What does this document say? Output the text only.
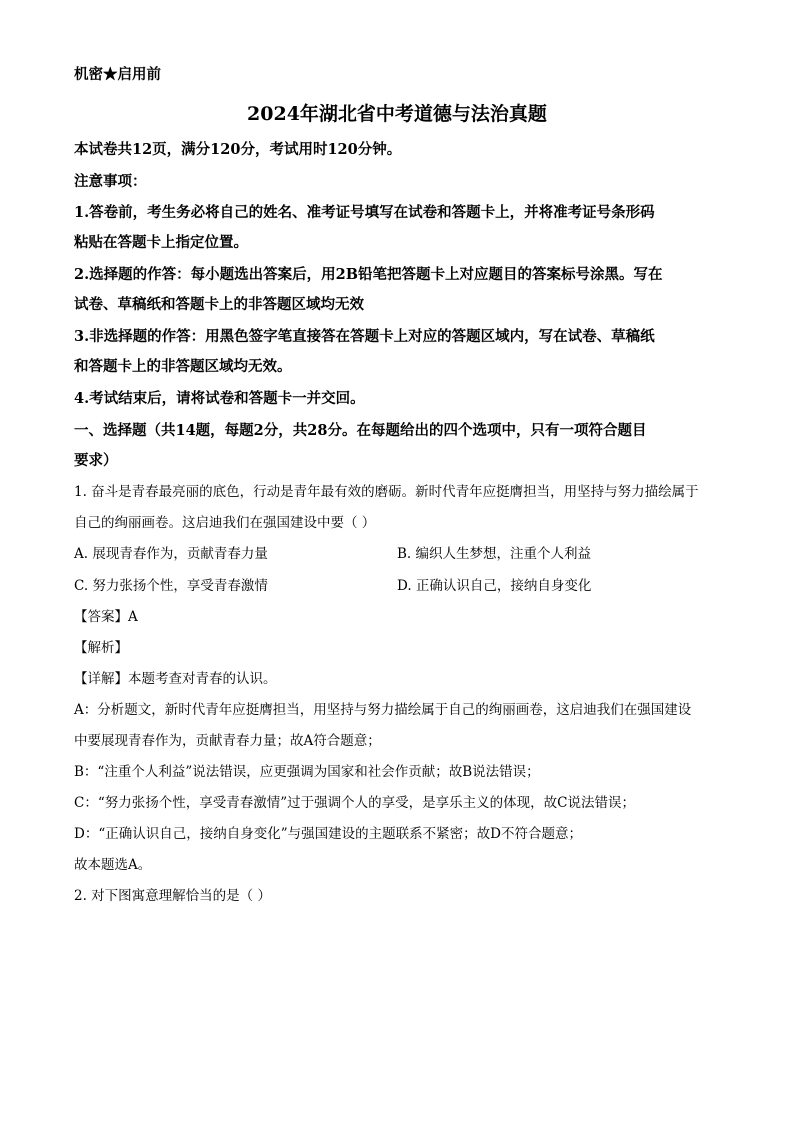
机密★启用前
2024年湖北省中考道德与法治真题
本试卷共12页，满分120分，考试用时120分钟。
注意事项：
1.答卷前，考生务必将自己的姓名、准考证号填写在试卷和答题卡上，并将准考证号条形码
粘贴在答题卡上指定位置。
2.选择题的作答：每小题选出答案后，用2B铅笔把答题卡上对应题目的答案标号涂黑。写在
试卷、草稿纸和答题卡上的非答题区域均无效
3.非选择题的作答：用黑色签字笔直接答在答题卡上对应的答题区域内，写在试卷、草稿纸
和答题卡上的非答题区域均无效。
4.考试结束后，请将试卷和答题卡一并交回。
一、选择题（共14题，每题2分，共28分。在每题给出的四个选项中，只有一项符合题目
要求）
1. 奋斗是青春最亮丽的底色，行动是青年最有效的磨砺。新时代青年应挺膺担当，用坚持与努力描绘属于
自己的绚丽画卷。这启迪我们在强国建设中要（ ）
A. 展现青春作为，贡献青春力量	B. 编织人生梦想，注重个人利益
C. 努力张扬个性，享受青春激情	D. 正确认识自己，接纳自身变化
【答案】A
【解析】
【详解】本题考查对青春的认识。
A：分析题文，新时代青年应挺膺担当，用坚持与努力描绘属于自己的绚丽画卷，这启迪我们在强国建设
中要展现青春作为，贡献青春力量；故A符合题意；
B：“注重个人利益”说法错误，应更强调为国家和社会作贡献；故B说法错误；
C：“努力张扬个性，享受青春激情”过于强调个人的享受，是享乐主义的体现，故C说法错误；
D：“正确认识自己，接纳自身变化”与强国建设的主题联系不紧密；故D不符合题意；
故本题选A。
2. 对下图寓意理解恰当的是（ ）
